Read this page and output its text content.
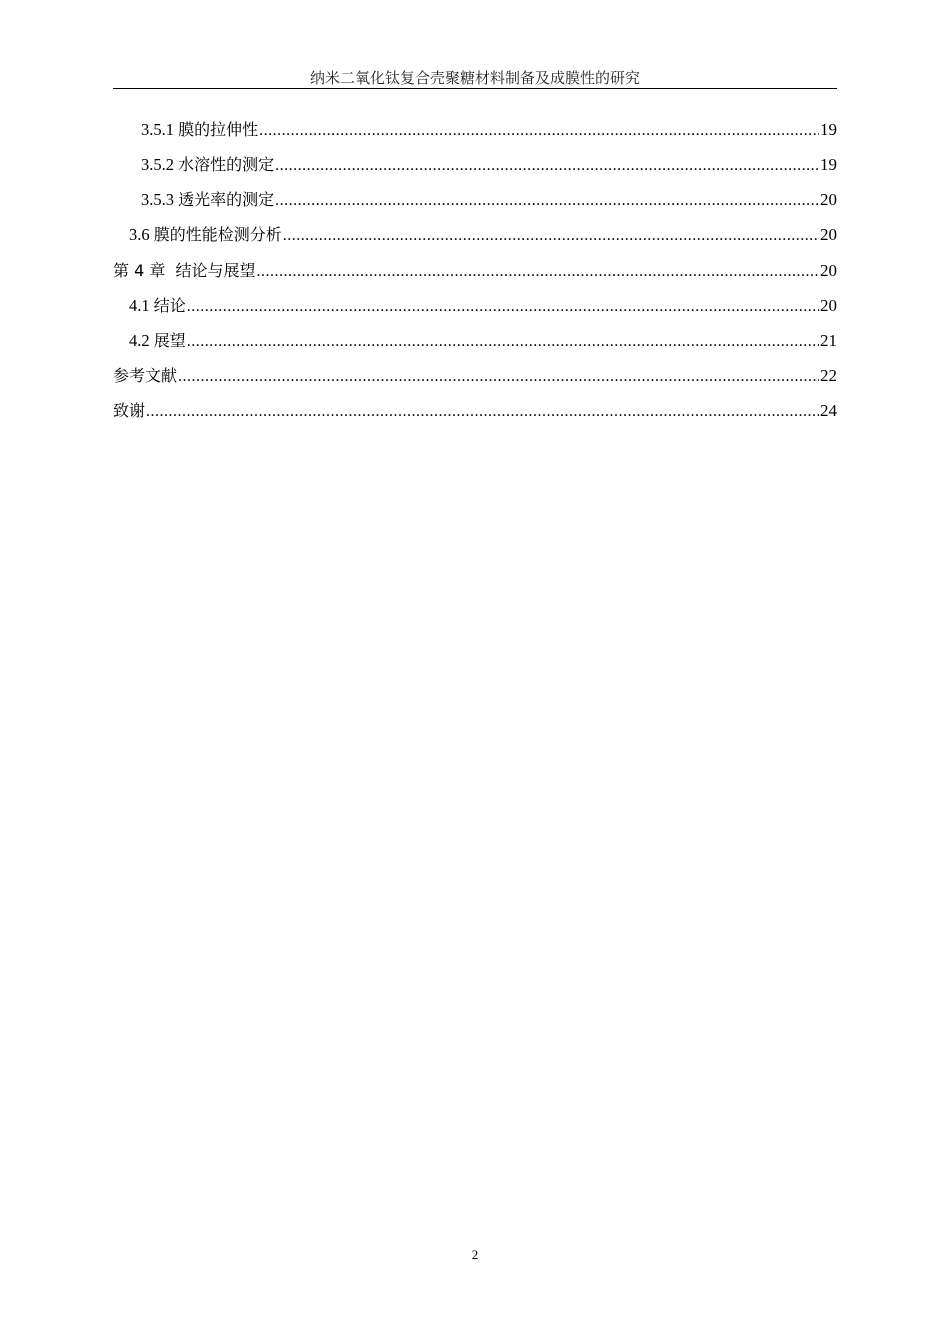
纳米二氧化钛复合壳聚糖材料制备及成膜性的研究
3.5.1 膜的拉伸性 .....	19
3.5.2 水溶性的测定 .....	19
3.5.3 透光率的测定 .....	20
3.6 膜的性能检测分析 .....	20
第 4 章 结论与展望 .....	20
4.1 结论 .....	20
4.2 展望 .....	21
参考文献 .....	22
致谢 .....	24
2
